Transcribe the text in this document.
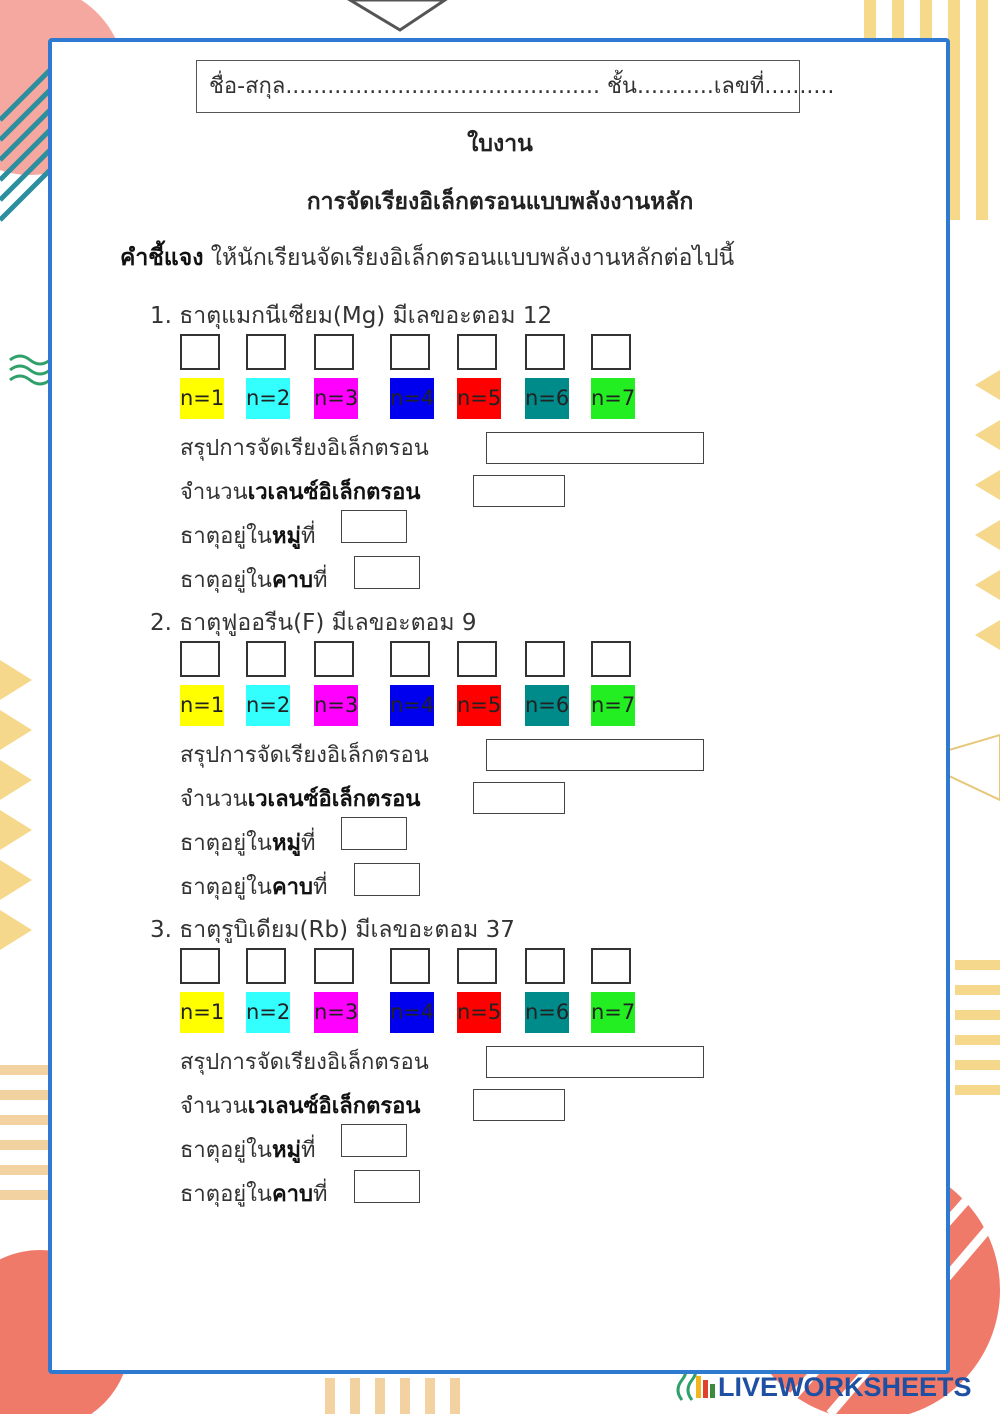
ชื่อ-สกุล............................................. ชั้น...........เลขที่..........
ใบงาน
การจัดเรียงอิเล็กตรอนแบบพลังงานหลัก
คำชี้แจง ให้นักเรียนจัดเรียงอิเล็กตรอนแบบพลังงานหลักต่อไปนี้
1. ธาตุแมกนีเซียม(Mg) มีเลขอะตอม 12
n=1 n=2 n=3 n=4 n=5 n=6 n=7
สรุปการจัดเรียงอิเล็กตรอน
จำนวนเวเลนซ์อิเล็กตรอน
ธาตุอยู่ในหมู่ที่
ธาตุอยู่ในคาบที่
2. ธาตุฟูออรีน(F) มีเลขอะตอม 9
n=1 n=2 n=3 n=4 n=5 n=6 n=7
สรุปการจัดเรียงอิเล็กตรอน
จำนวนเวเลนซ์อิเล็กตรอน
ธาตุอยู่ในหมู่ที่
ธาตุอยู่ในคาบที่
3. ธาตุรูบิเดียม(Rb) มีเลขอะตอม 37
n=1 n=2 n=3 n=4 n=5 n=6 n=7
สรุปการจัดเรียงอิเล็กตรอน
จำนวนเวเลนซ์อิเล็กตรอน
ธาตุอยู่ในหมู่ที่
ธาตุอยู่ในคาบที่
LIVEWORKSHEETS
